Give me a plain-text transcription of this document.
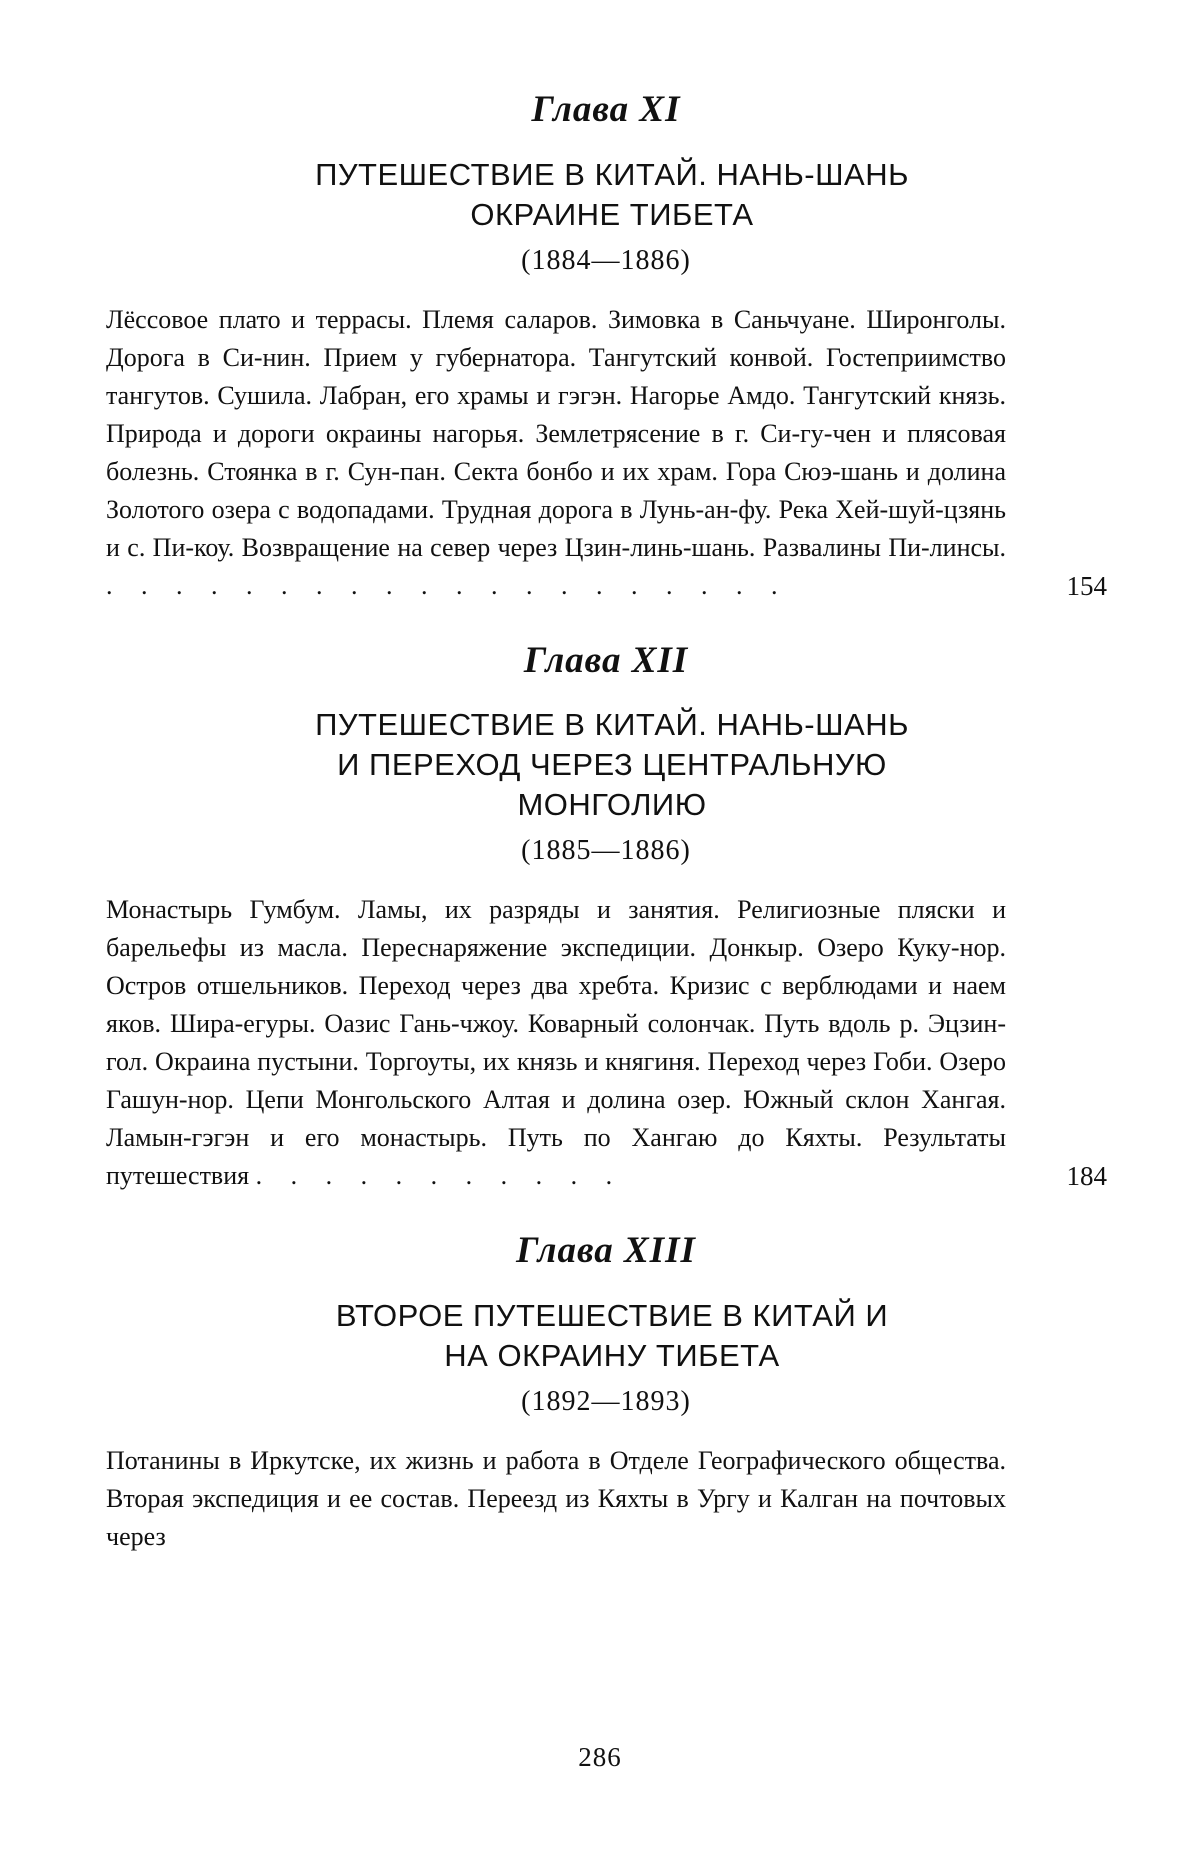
Глава XI
ПУТЕШЕСТВИЕ В КИТАЙ. НАНЬ-ШАНЬ
ОКРАИНЕ ТИБЕТА
(1884—1886)
Лёссовое плато и террасы. Племя саларов. Зимовка в Саньчуане. Широнголы. Дорога в Си-нин. Прием у губернатора. Тангутский конвой. Гостеприимство тангутов. Сушила. Лабран, его храмы и гэгэн. Нагорье Амдо. Тангутский князь. Природа и дороги окраины нагорья. Землетрясение в г. Си-гу-чен и плясовая болезнь. Стоянка в г. Сун-пан. Секта бонбо и их храм. Гора Сюэ-шань и долина Золотого озера с водопадами. Трудная дорога в Лунь-ан-фу. Река Хей-шуй-цзянь и с. Пи-коу. Возвращение на север через Цзин-линь-шань. Развалины Пи-линсы. . . . . . . . . . . . . . . . . . . . .	154
Глава XII
ПУТЕШЕСТВИЕ В КИТАЙ. НАНЬ-ШАНЬ
И ПЕРЕХОД ЧЕРЕЗ ЦЕНТРАЛЬНУЮ
МОНГОЛИЮ
(1885—1886)
Монастырь Гумбум. Ламы, их разряды и занятия. Религиозные пляски и барельефы из масла. Переснаряжение экспедиции. Донкыр. Озеро Куку-нор. Остров отшельников. Переход через два хребта. Кризис с верблюдами и наем яков. Шира-егуры. Оазис Гань-чжоу. Коварный солончак. Путь вдоль р. Эцзин-гол. Окраина пустыни. Торгоуты, их князь и княгиня. Переход через Гоби. Озеро Гашун-нор. Цепи Монгольского Алтая и долина озер. Южный склон Хангая. Ламын-гэгэн и его монастырь. Путь по Хангаю до Кяхты. Результаты путешествия . . . . . . . . . . .	184
Глава XIII
ВТОРОЕ ПУТЕШЕСТВИЕ В КИТАЙ И
НА ОКРАИНУ ТИБЕТА
(1892—1893)
Потанины в Иркутске, их жизнь и работа в Отделе Географического общества. Вторая экспедиция и ее состав. Переезд из Кяхты в Ургу и Калган на почтовых через
286
